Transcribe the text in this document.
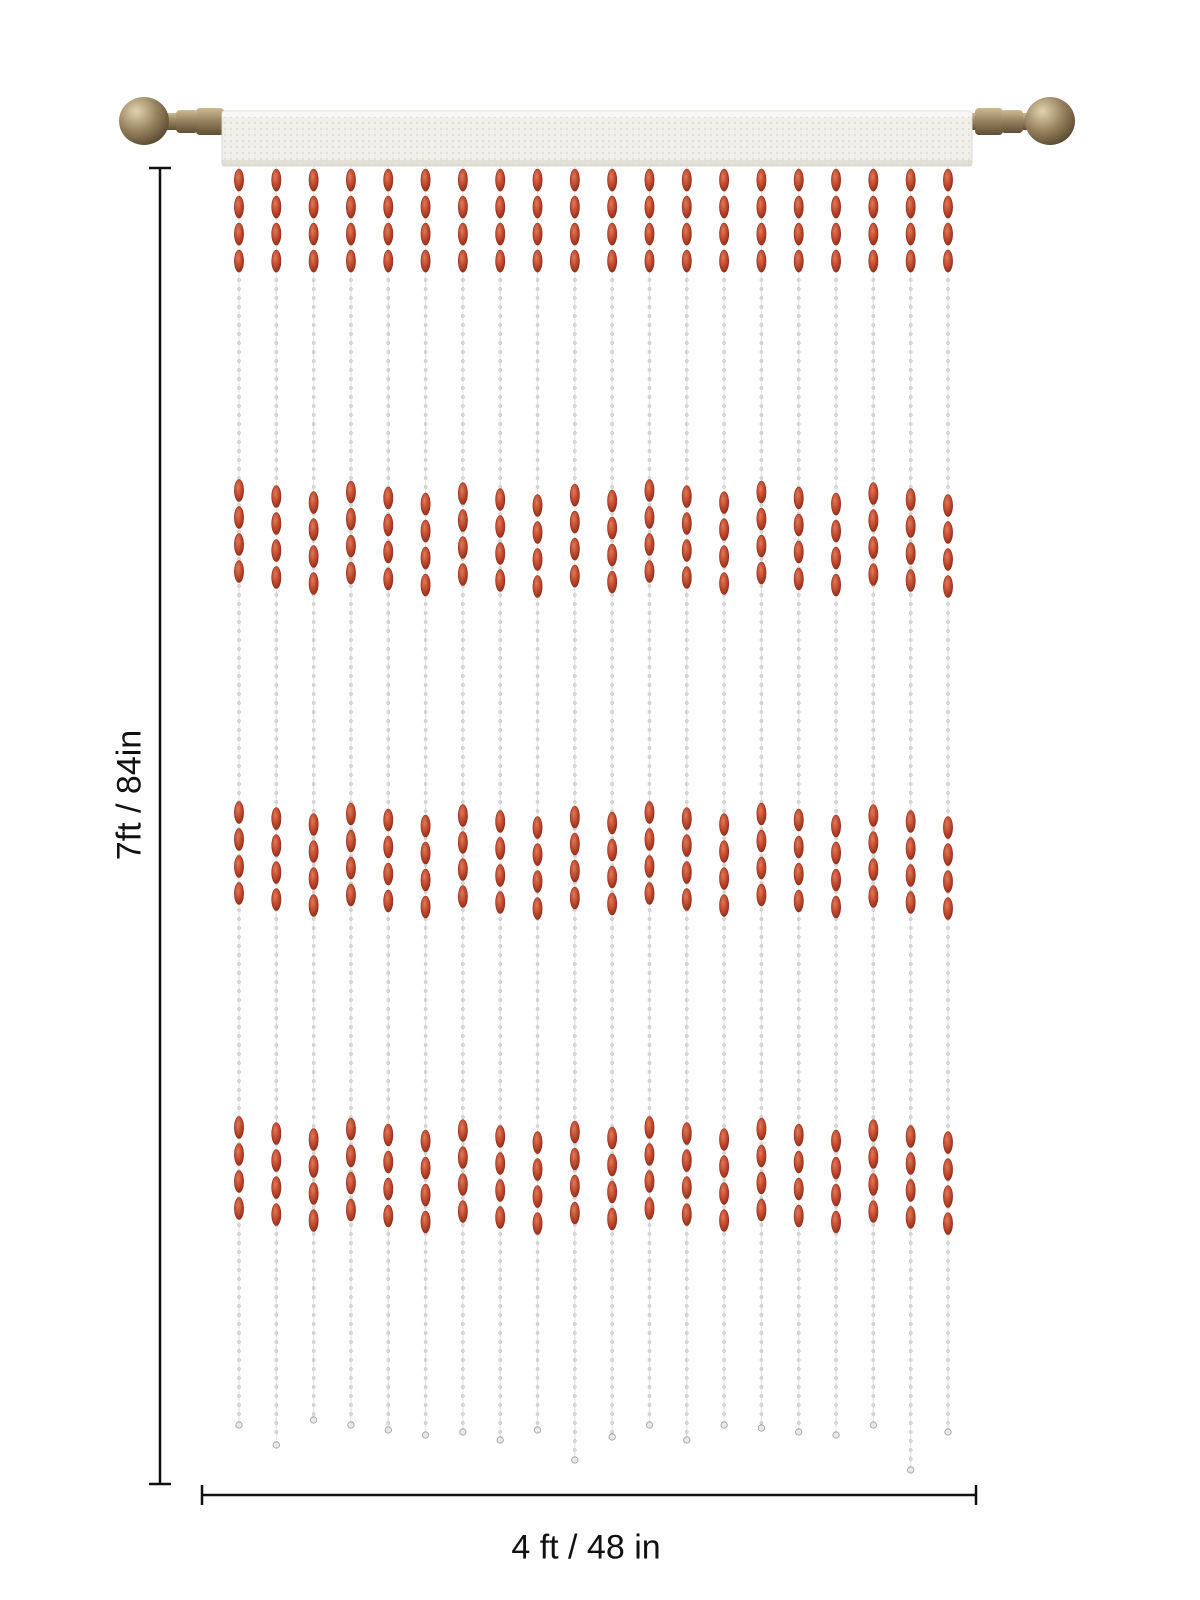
7ft / 84in
4 ft / 48 in
